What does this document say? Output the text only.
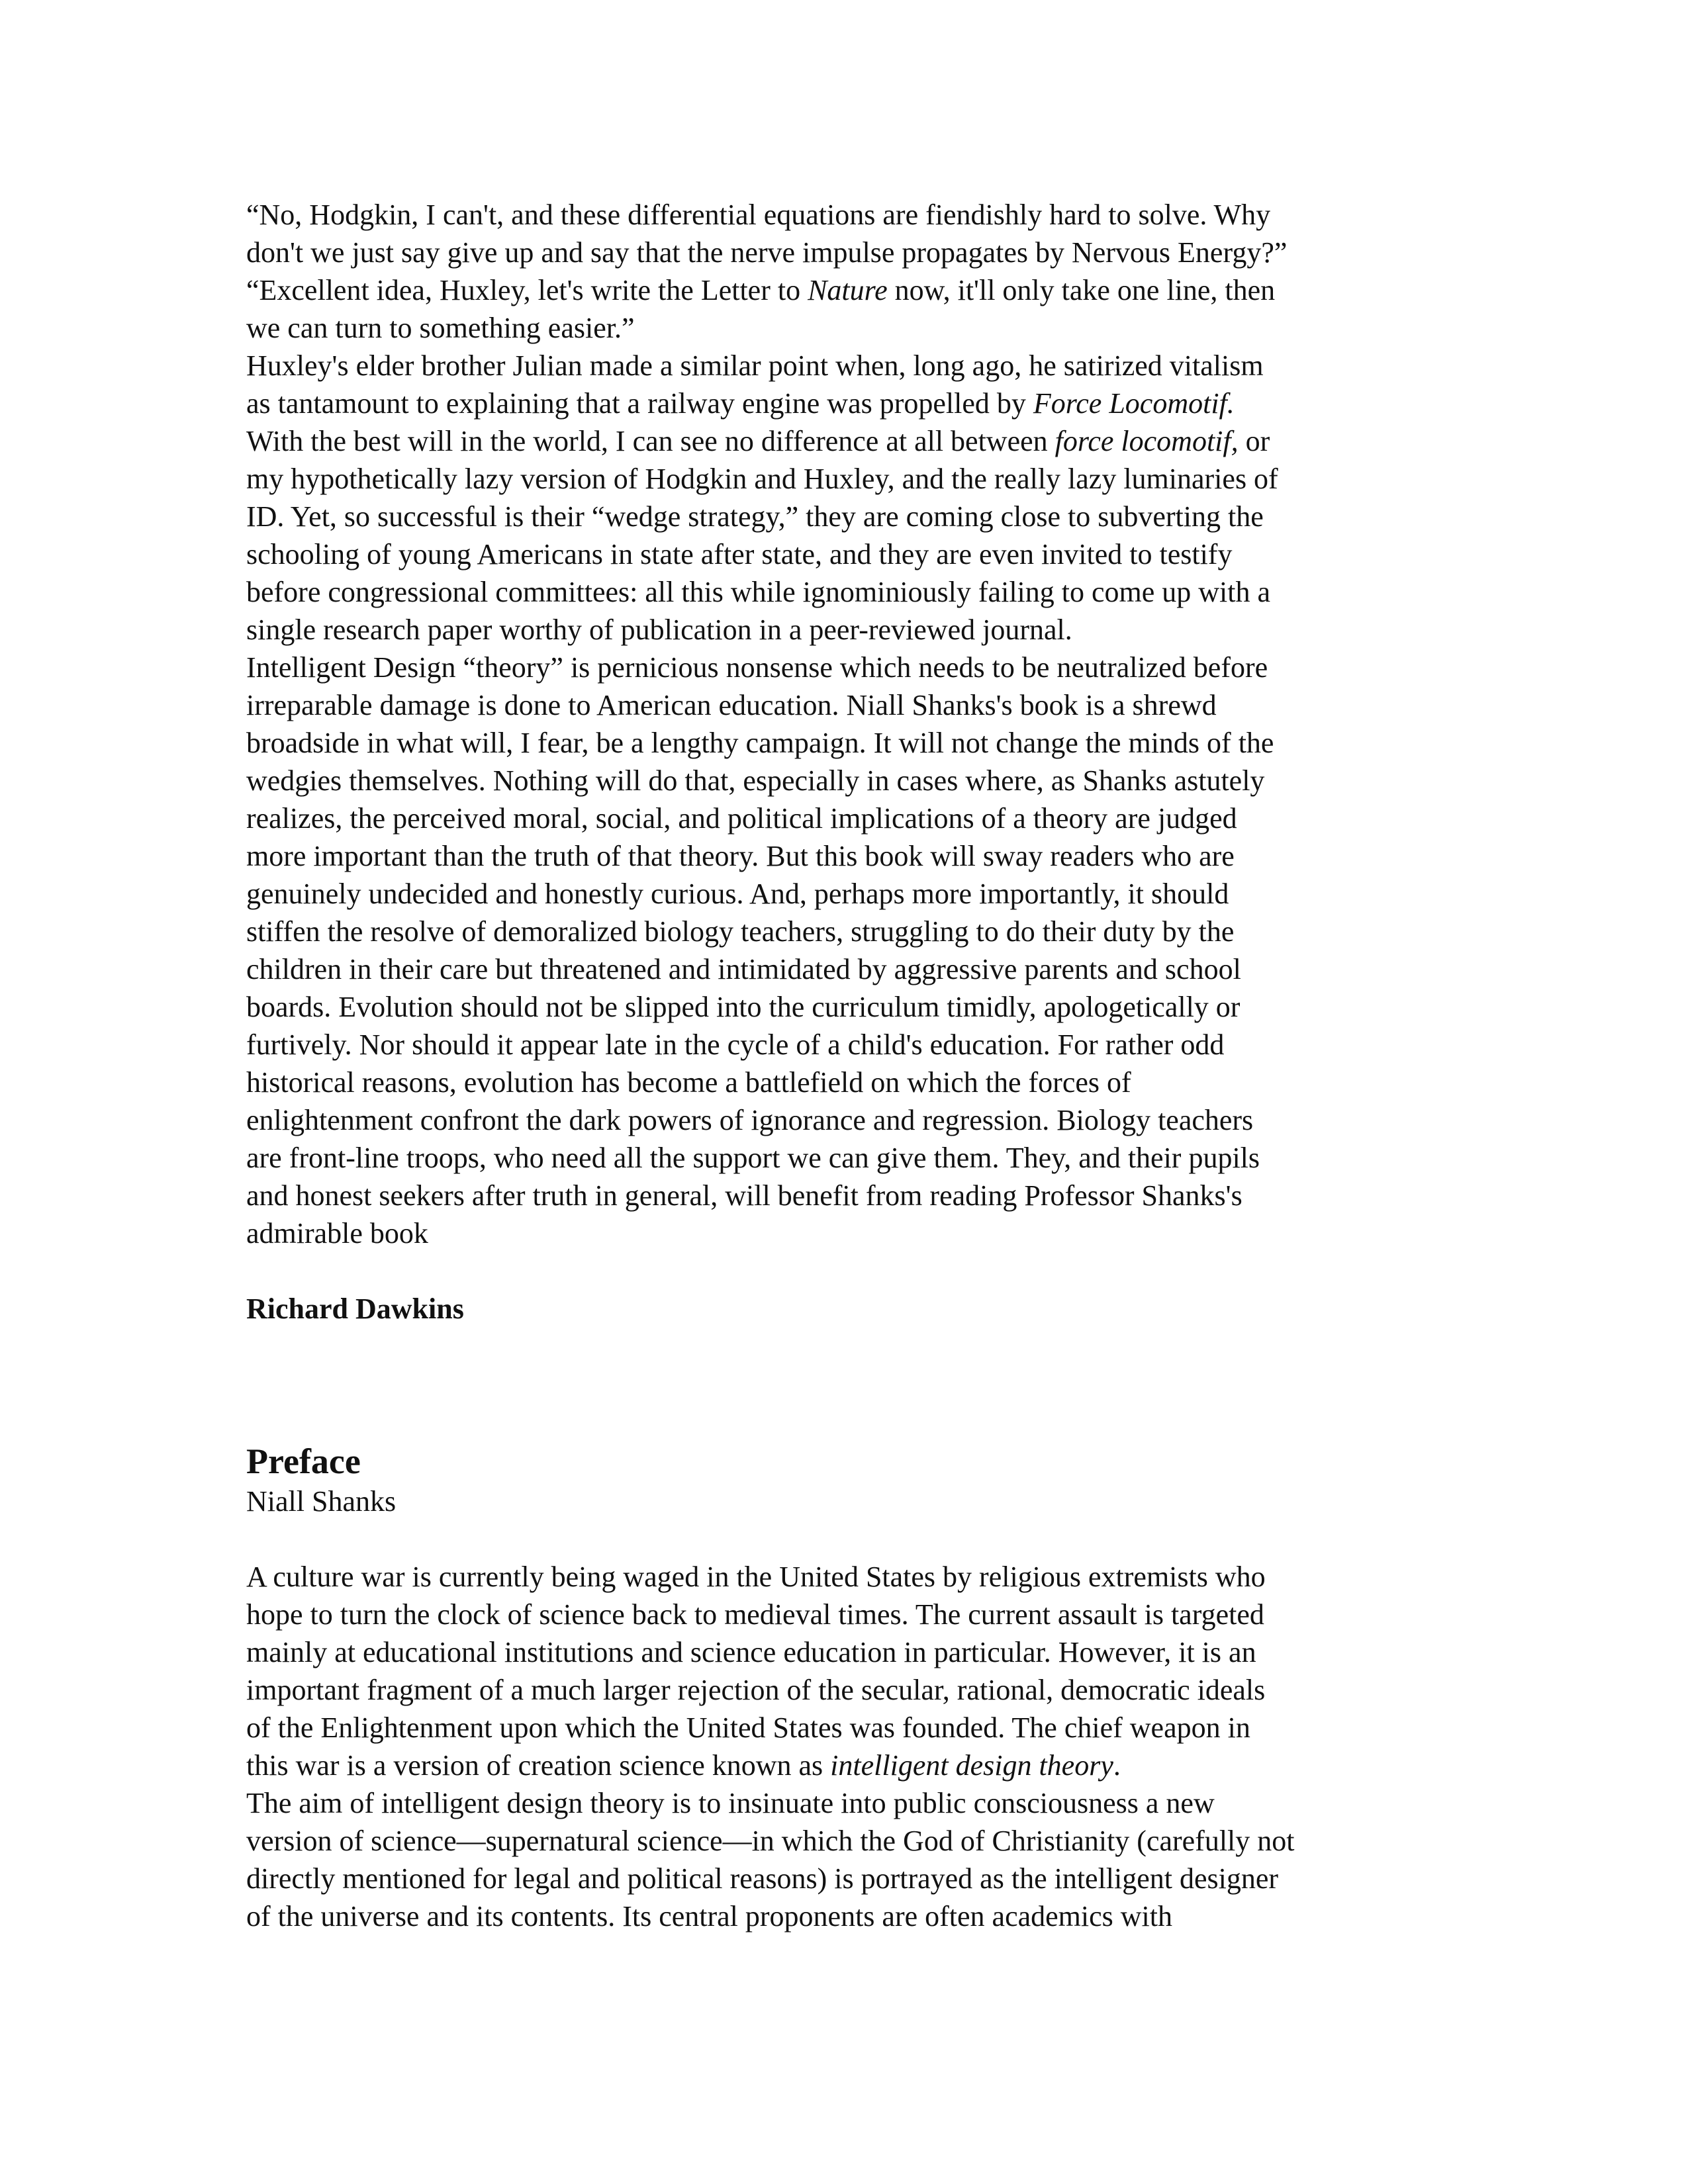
“No, Hodgkin, I can't, and these differential equations are fiendishly hard to solve. Why
don't we just say give up and say that the nerve impulse propagates by Nervous Energy?”
“Excellent idea, Huxley, let's write the Letter to Nature now, it'll only take one line, then
we can turn to something easier.”
Huxley's elder brother Julian made a similar point when, long ago, he satirized vitalism
as tantamount to explaining that a railway engine was propelled by Force Locomotif.
With the best will in the world, I can see no difference at all between force locomotif, or
my hypothetically lazy version of Hodgkin and Huxley, and the really lazy luminaries of
ID. Yet, so successful is their “wedge strategy,” they are coming close to subverting the
schooling of young Americans in state after state, and they are even invited to testify
before congressional committees: all this while ignominiously failing to come up with a
single research paper worthy of publication in a peer-reviewed journal.
Intelligent Design “theory” is pernicious nonsense which needs to be neutralized before
irreparable damage is done to American education. Niall Shanks's book is a shrewd
broadside in what will, I fear, be a lengthy campaign. It will not change the minds of the
wedgies themselves. Nothing will do that, especially in cases where, as Shanks astutely
realizes, the perceived moral, social, and political implications of a theory are judged
more important than the truth of that theory. But this book will sway readers who are
genuinely undecided and honestly curious. And, perhaps more importantly, it should
stiffen the resolve of demoralized biology teachers, struggling to do their duty by the
children in their care but threatened and intimidated by aggressive parents and school
boards. Evolution should not be slipped into the curriculum timidly, apologetically or
furtively. Nor should it appear late in the cycle of a child's education. For rather odd
historical reasons, evolution has become a battlefield on which the forces of
enlightenment confront the dark powers of ignorance and regression. Biology teachers
are front-line troops, who need all the support we can give them. They, and their pupils
and honest seekers after truth in general, will benefit from reading Professor Shanks's
admirable book
Richard Dawkins
Preface
Niall Shanks
A culture war is currently being waged in the United States by religious extremists who
hope to turn the clock of science back to medieval times. The current assault is targeted
mainly at educational institutions and science education in particular. However, it is an
important fragment of a much larger rejection of the secular, rational, democratic ideals
of the Enlightenment upon which the United States was founded. The chief weapon in
this war is a version of creation science known as intelligent design theory.
The aim of intelligent design theory is to insinuate into public consciousness a new
version of science—supernatural science—in which the God of Christianity (carefully not
directly mentioned for legal and political reasons) is portrayed as the intelligent designer
of the universe and its contents. Its central proponents are often academics with
